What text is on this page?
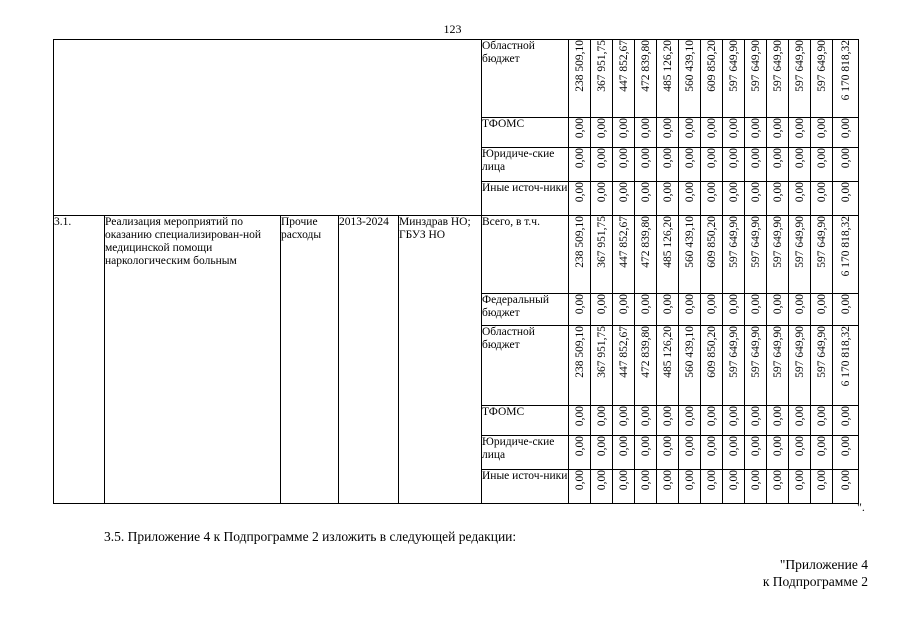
123
					Областной бюджет	238 509,10	367 951,75	447 852,67	472 839,80	485 126,20	560 439,10	609 850,20	597 649,90	597 649,90	597 649,90	597 649,90	597 649,90	6 170 818,32
					ТФОМС	0,00	0,00	0,00	0,00	0,00	0,00	0,00	0,00	0,00	0,00	0,00	0,00	0,00
					Юридиче-ские лица	0,00	0,00	0,00	0,00	0,00	0,00	0,00	0,00	0,00	0,00	0,00	0,00	0,00
					Иные источ-ники	0,00	0,00	0,00	0,00	0,00	0,00	0,00	0,00	0,00	0,00	0,00	0,00	0,00
3.1.	Реализация мероприятий по оказанию специализирован-ной медицинской помощи наркологическим больным	Прочие расходы	2013-2024	Минздрав НО; ГБУЗ НО	Всего, в т.ч.	238 509,10	367 951,75	447 852,67	472 839,80	485 126,20	560 439,10	609 850,20	597 649,90	597 649,90	597 649,90	597 649,90	597 649,90	6 170 818,32
					Федеральный бюджет	0,00	0,00	0,00	0,00	0,00	0,00	0,00	0,00	0,00	0,00	0,00	0,00	0,00
					Областной бюджет	238 509,10	367 951,75	447 852,67	472 839,80	485 126,20	560 439,10	609 850,20	597 649,90	597 649,90	597 649,90	597 649,90	597 649,90	6 170 818,32
					ТФОМС	0,00	0,00	0,00	0,00	0,00	0,00	0,00	0,00	0,00	0,00	0,00	0,00	0,00
					Юридиче-ские лица	0,00	0,00	0,00	0,00	0,00	0,00	0,00	0,00	0,00	0,00	0,00	0,00	0,00
					Иные источ-ники	0,00	0,00	0,00	0,00	0,00	0,00	0,00	0,00	0,00	0,00	0,00	0,00	0,00
".
3.5. Приложение 4 к Подпрограмме 2 изложить в следующей редакции:
"Приложение 4
к Подпрограмме 2
